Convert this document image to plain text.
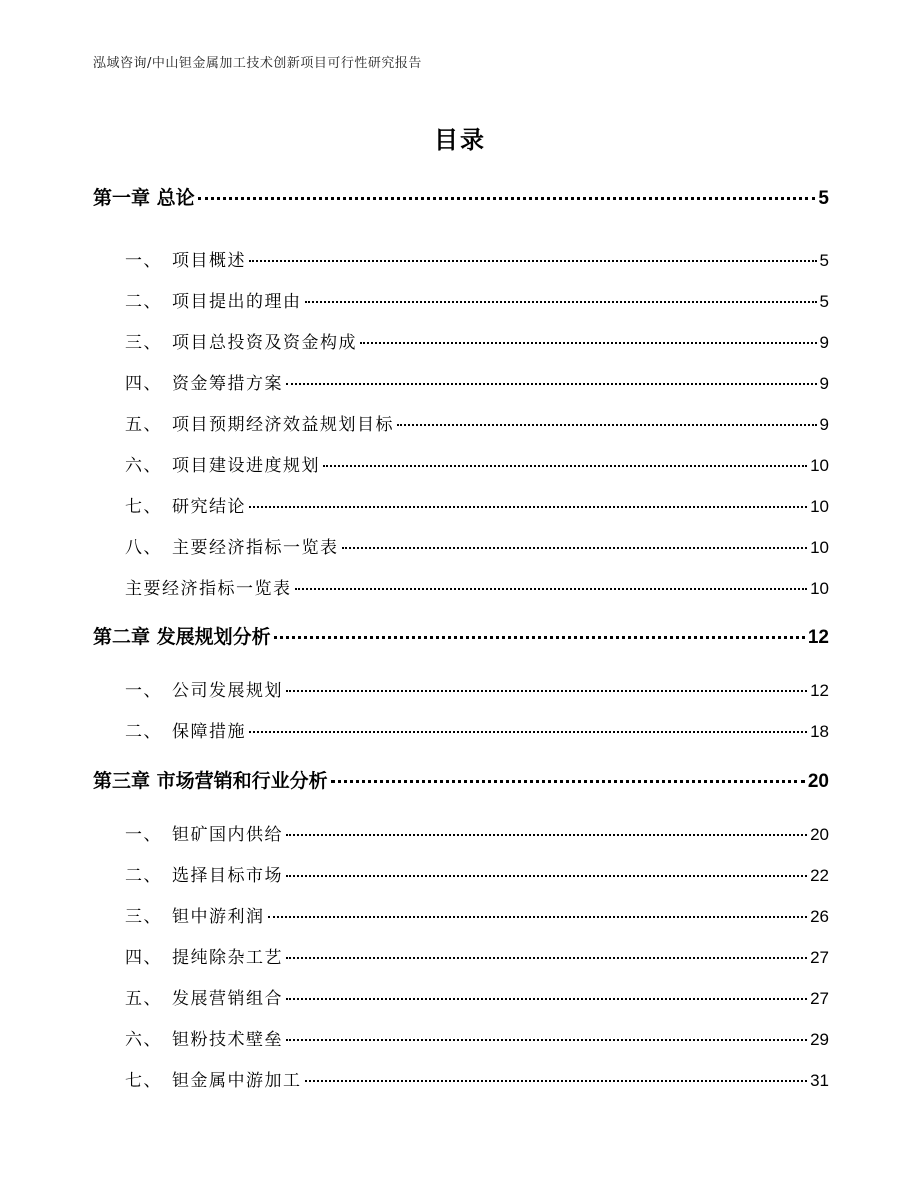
泓域咨询/中山钽金属加工技术创新项目可行性研究报告
目录
第一章 总论	5
一、 项目概述	5
二、 项目提出的理由	5
三、 项目总投资及资金构成	9
四、 资金筹措方案	9
五、 项目预期经济效益规划目标	9
六、 项目建设进度规划	10
七、 研究结论	10
八、 主要经济指标一览表	10
主要经济指标一览表	10
第二章 发展规划分析	12
一、 公司发展规划	12
二、 保障措施	18
第三章 市场营销和行业分析	20
一、 钽矿国内供给	20
二、 选择目标市场	22
三、 钽中游利润	26
四、 提纯除杂工艺	27
五、 发展营销组合	27
六、 钽粉技术壁垒	29
七、 钽金属中游加工	31
